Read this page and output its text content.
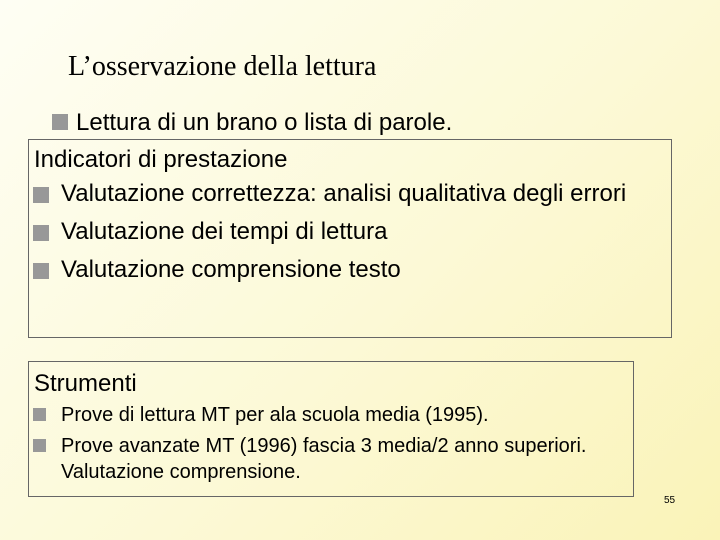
L’osservazione della lettura
Lettura di un brano o lista di parole.
Indicatori di prestazione
Valutazione correttezza: analisi qualitativa degli errori
Valutazione dei tempi di lettura
Valutazione comprensione testo
Strumenti
Prove di lettura MT per ala scuola media (1995).
Prove avanzate MT (1996) fascia 3 media/2 anno superiori. Valutazione comprensione.
55
